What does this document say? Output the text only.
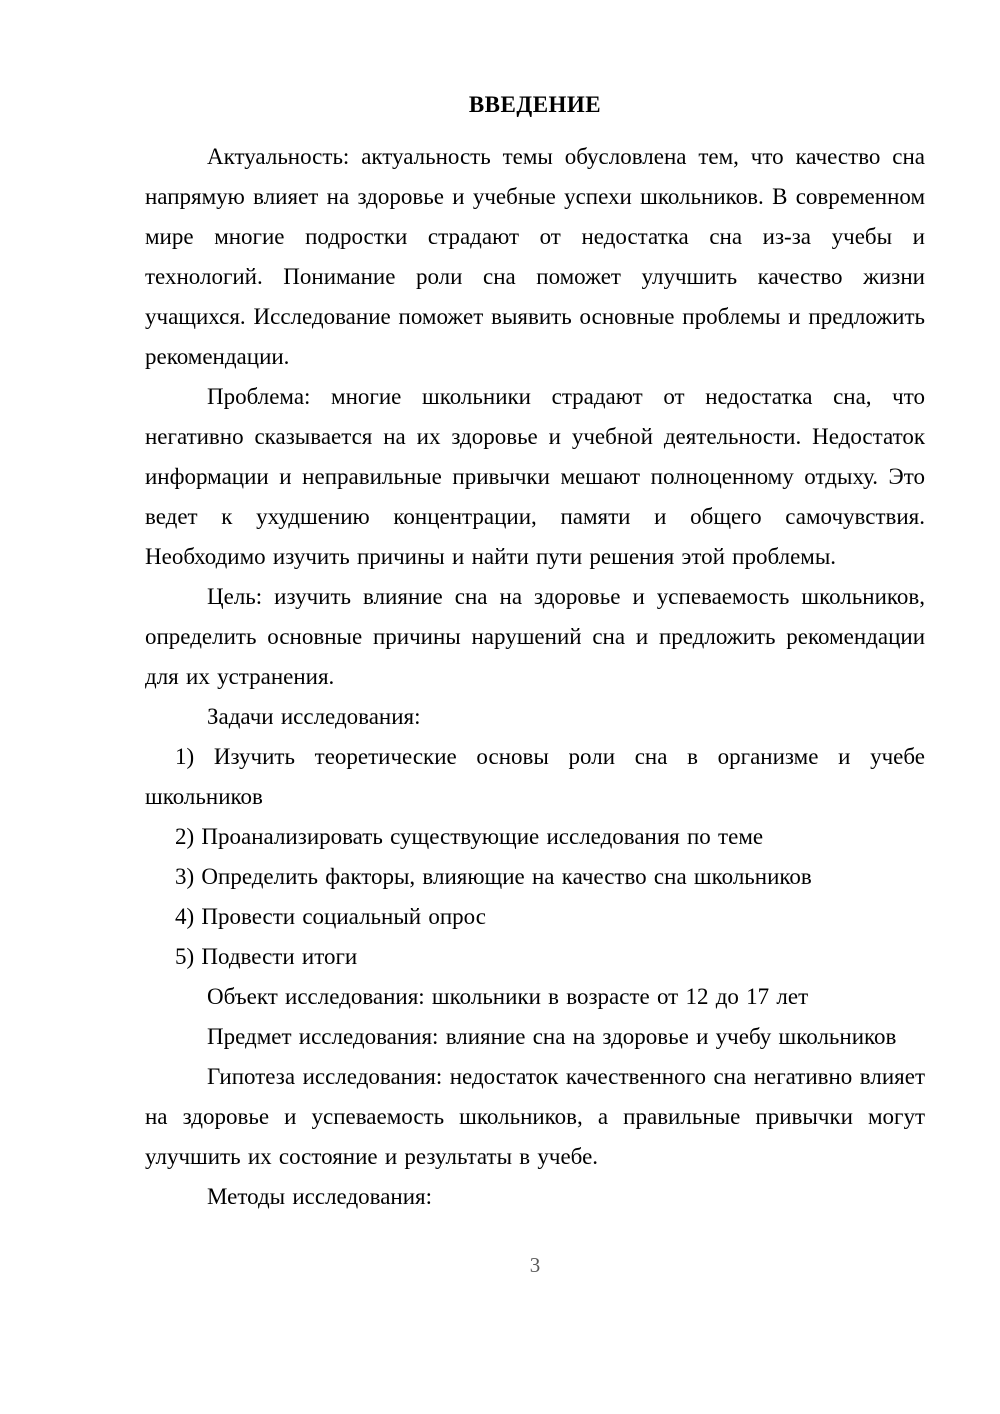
ВВЕДЕНИЕ

Актуальность: актуальность темы обусловлена тем, что качество сна напрямую влияет на здоровье и учебные успехи школьников. В современном мире многие подростки страдают от недостатка сна из-за учебы и технологий. Понимание роли сна поможет улучшить качество жизни учащихся. Исследование поможет выявить основные проблемы и предложить рекомендации.

Проблема: многие школьники страдают от недостатка сна, что негативно сказывается на их здоровье и учебной деятельности. Недостаток информации и неправильные привычки мешают полноценному отдыху. Это ведет к ухудшению концентрации, памяти и общего самочувствия. Необходимо изучить причины и найти пути решения этой проблемы.

Цель: изучить влияние сна на здоровье и успеваемость школьников, определить основные причины нарушений сна и предложить рекомендации для их устранения.

Задачи исследования:

1) Изучить теоретические основы роли сна в организме и учебе школьников

2) Проанализировать существующие исследования по теме

3) Определить факторы, влияющие на качество сна школьников

4) Провести социальный опрос

5) Подвести итоги

Объект исследования: школьники в возрасте от 12 до 17 лет

Предмет исследования: влияние сна на здоровье и учебу школьников

Гипотеза исследования: недостаток качественного сна негативно влияет на здоровье и успеваемость школьников, а правильные привычки могут улучшить их состояние и результаты в учебе.

Методы исследования:

3
